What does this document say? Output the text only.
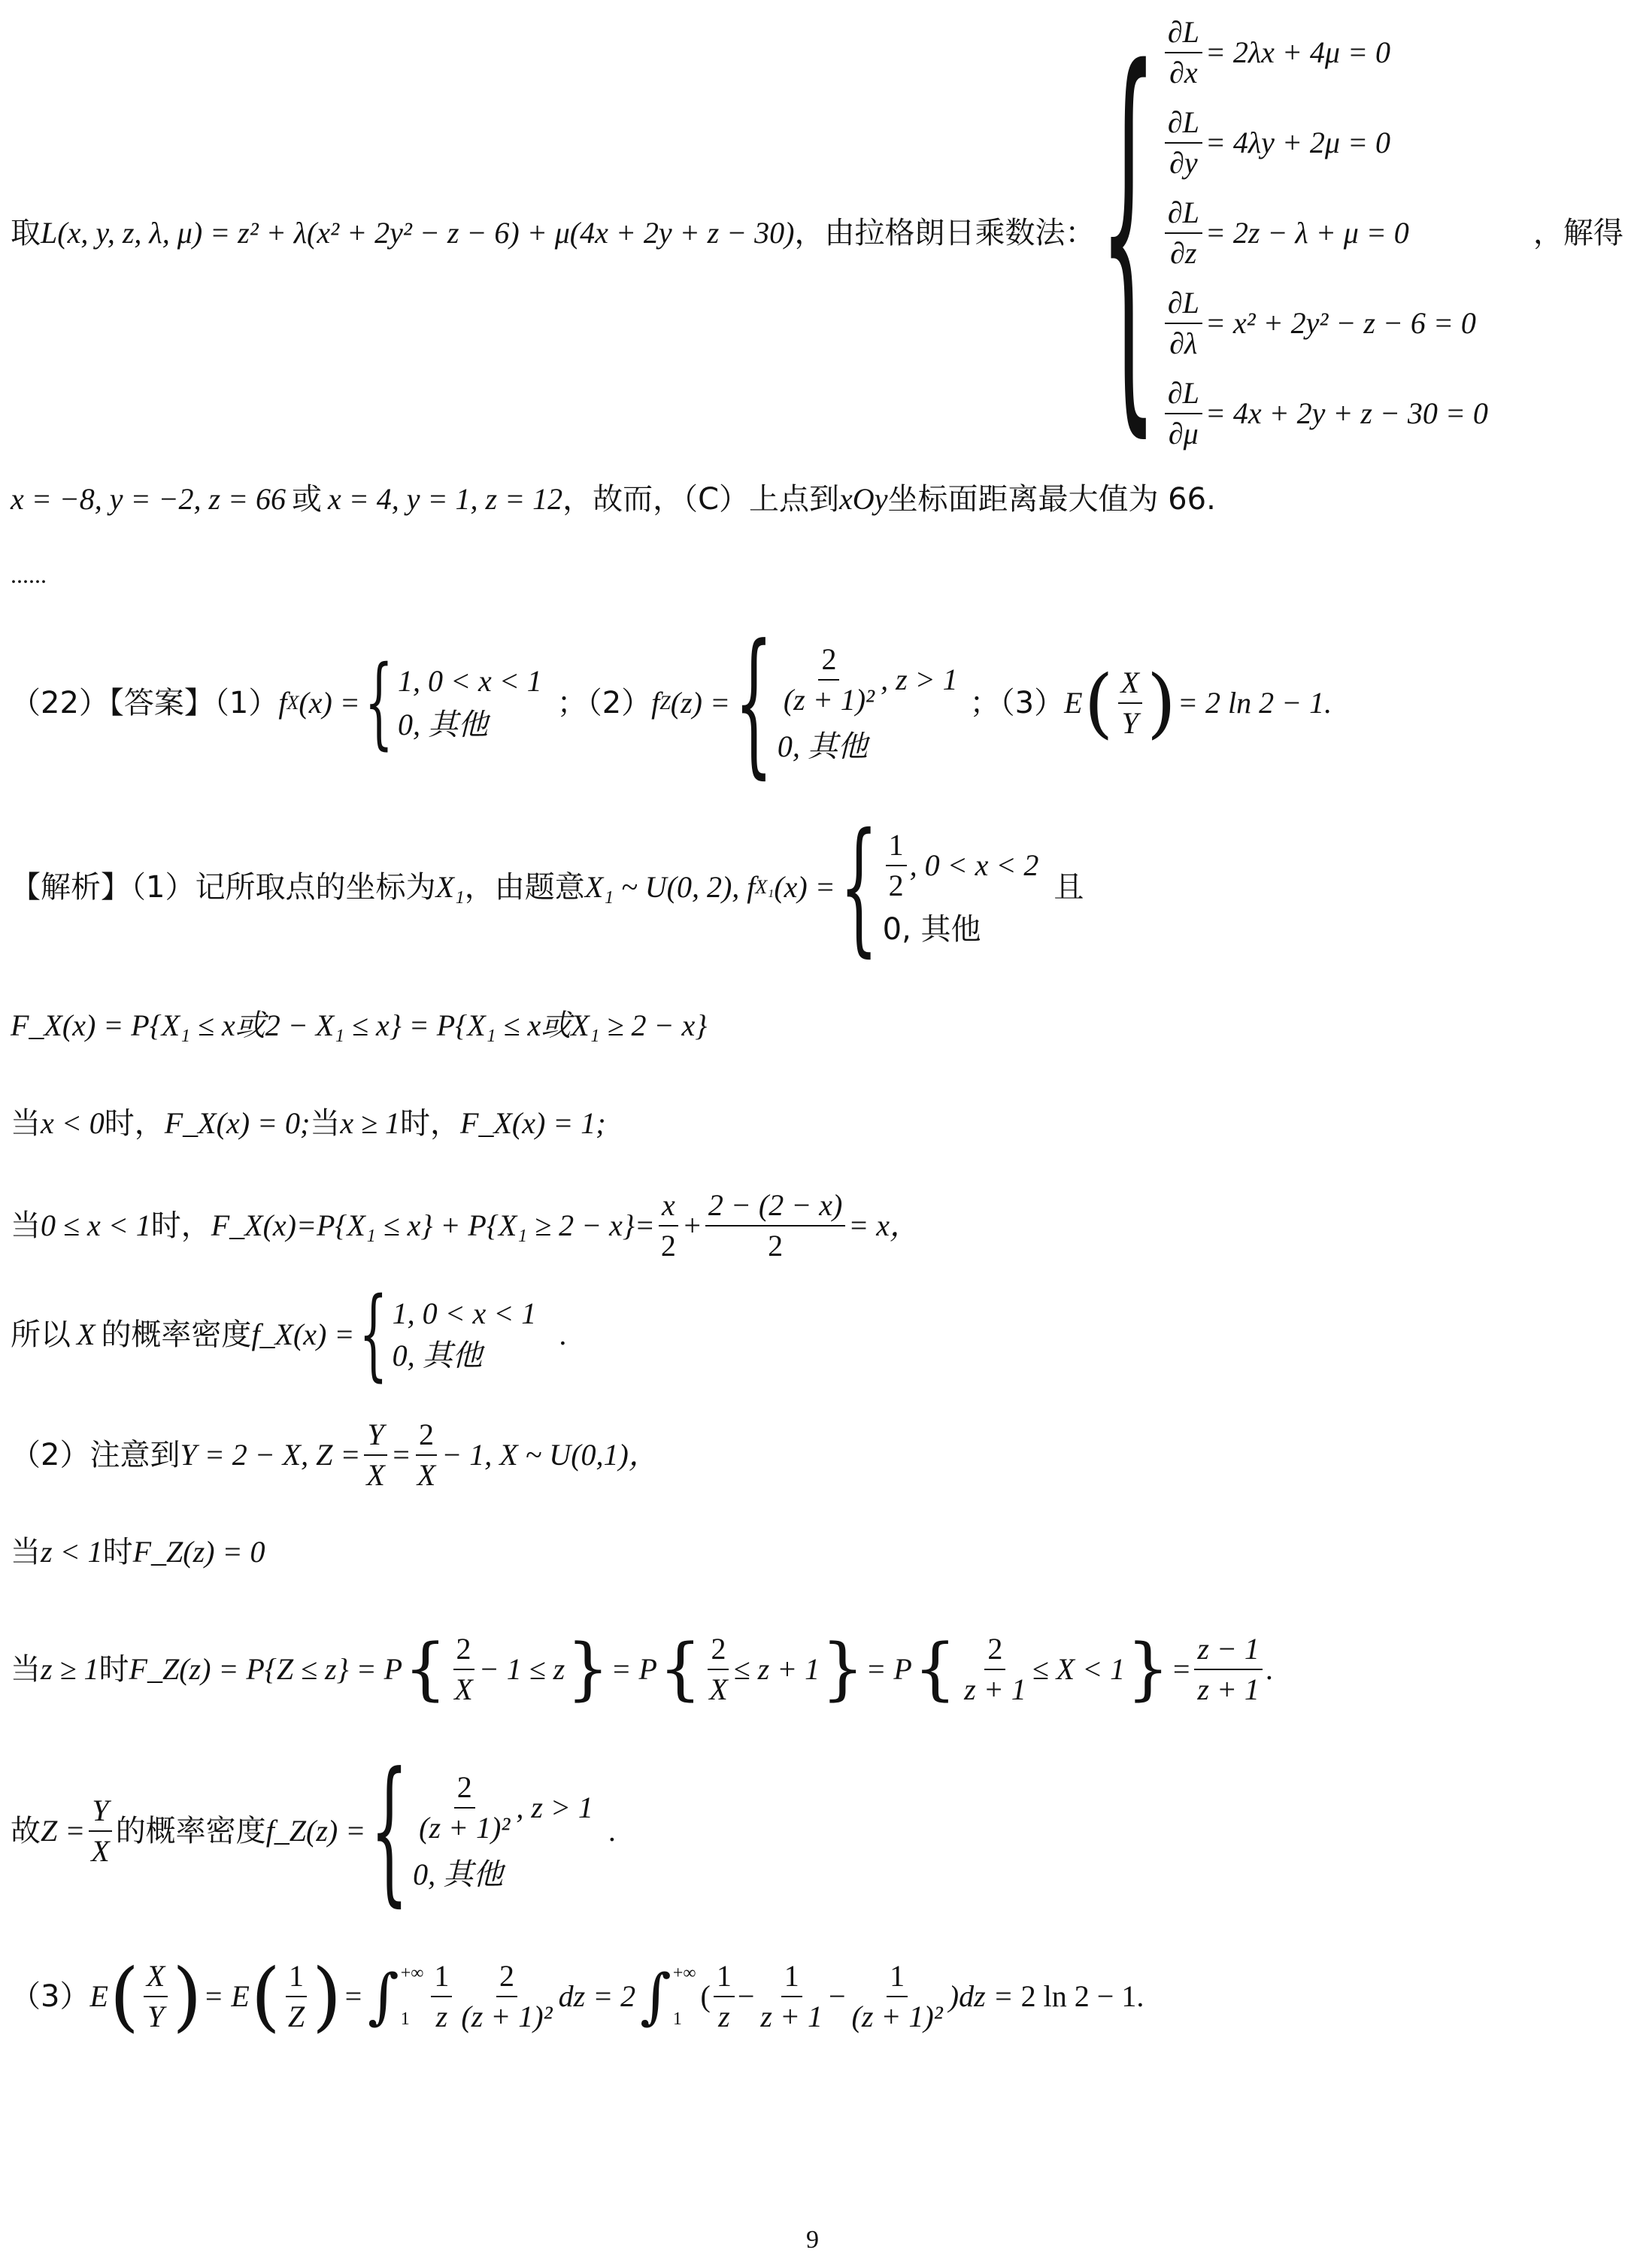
取 L(x, y, z, λ, μ) = z² + λ(x² + 2y² − z − 6) + μ(4x + 2y + z − 30) ，由拉格朗日乘数法： { $\frac{\partial L}{\partial x} = 2\lambda x + 4\mu = 0$
$\frac{\partial L}{\partial y} = 4\lambda y + 2\mu = 0$
$\frac{\partial L}{\partial z} = 2z - \lambda + \mu = 0$
$\frac{\partial L}{\partial\lambda} = x^2 + 2y^2 - z - 6 = 0$
$\frac{\partial L}{\partial\mu} = 4x + 2y + z - 30 = 0$
，解得
x = −8, y = −2, z = 66 或 x = 4, y = 1, z = 12 ，故而，（C）上点到 xOy 坐标面距离最大值为 66.
......
（22）【答案】（1） f X (x) = { 1, 0 < x < 1
0, 其他
；（2） f Z (z) = { $\frac{2}{\text{(z + 1)²}}$ , z > 1
0, 其他
；（3） E ( $\frac{X}{Y}$ ) = 2 ln 2 − 1.
【解析】（1）记所取点的坐标为 X₁ ，由题意 X₁ ~ U(0, 2), f X₁ (x) = { $\frac{1}{2}$ , 0 < x < 2
0, 其他
且
F_X(x) = P{X₁ ≤ x或2 − X₁ ≤ x} = P{X₁ ≤ x或X₁ ≥ 2 − x}
当 x < 0 时， F_X(x) = 0; 当 x ≥ 1 时， F_X(x) = 1;
当 0 ≤ x < 1 时， F_X(x)=P{X₁ ≤ $x\} + P\{X_1 \ge 2 - x\}= \frac{x}{2} + \frac{2 - (2 - x)}{2} = x$，
所以 X 的概率密度 f_X(x) = { 1, 0 < x < 1
0, 其他
.
（2）注意到 Y = 2 − X, $Z = \frac{Y}{X} = \frac{2}{X} - 1$, X ~ U(0,1)，
当 z < 1 时 F_Z(z) = 0
当 z ≥ 1 时 F_Z(z) = P{Z ≤ z} = P { $\frac{2}{X} - 1 \le z$ } = P { $\frac{2}{X} \le z + 1$ } = P { $\frac{2}{z + 1} \le X < 1$ } = $\frac{z - 1}{z + 1}$ .
故 $Z = \frac{Y}{X}$ 的概率密度 f_Z(z) = { $\frac{2}{\text{(z + 1)²}}$ , z > 1
0, 其他
.
（3） E ( $\frac{X}{Y}$ ) = E ( $\frac{1}{Z}$ ) = ∫ +∞
$1 \frac{1}{z} \frac{2}{\text{(z + 1)²}}$ dz = 2 ∫ +∞
1
( $\frac{1}{z} - \frac{1}{z + 1} - \frac{1}{\text{(z + 1)²}} )dz = 2$ ln 2 − 1 .
9
